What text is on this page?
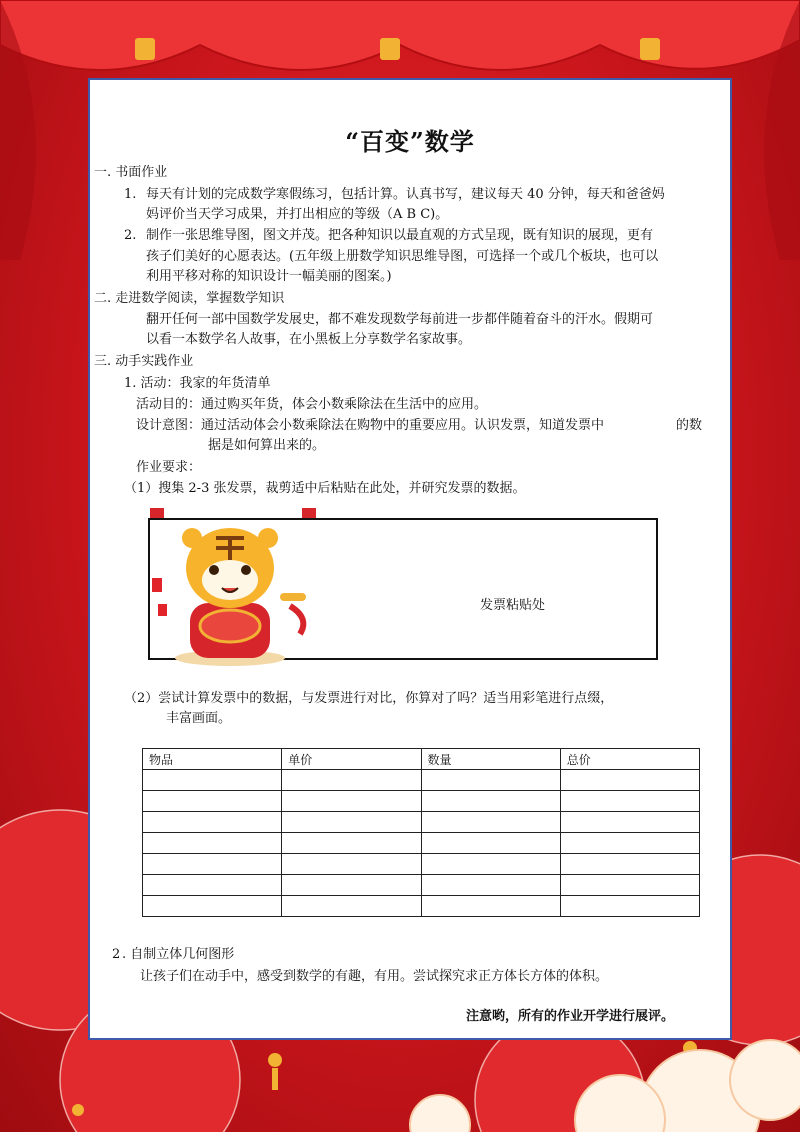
“百变”数学
一. 书面作业
1. 每天有计划的完成数学寒假练习，包括计算。认真书写，建议每天 40 分钟，每天和爸爸妈
妈评价当天学习成果，并打出相应的等级（A B C)。
2. 制作一张思维导图，图文并茂。把各种知识以最直观的方式呈现，既有知识的展现，更有
孩子们美好的心愿表达。(五年级上册数学知识思维导图，可选择一个或几个板块，也可以
利用平移对称的知识设计一幅美丽的图案。)
二. 走进数学阅读，掌握数学知识
翻开任何一部中国数学发展史，都不难发现数学每前进一步都伴随着奋斗的汗水。假期可
以看一本数学名人故事，在小黑板上分享数学名家故事。
三. 动手实践作业
1. 活动：我家的年货清单
活动目的：通过购买年货，体会小数乘除法在生活中的应用。
设计意图：通过活动体会小数乘除法在购物中的重要应用。认识发票，知道发票中	的数
据是如何算出来的。
作业要求：
（1）搜集 2-3 张发票，裁剪适中后粘贴在此处，并研究发票的数据。
发票粘贴处
（2）尝试计算发票中的数据，与发票进行对比，你算对了吗？适当用彩笔进行点缀，
丰富画面。
物品	单价	数量	总价

2 . 自制立体几何图形
让孩子们在动手中，感受到数学的有趣，有用。尝试探究求正方体长方体的体积。
注意哟，所有的作业开学进行展评。
